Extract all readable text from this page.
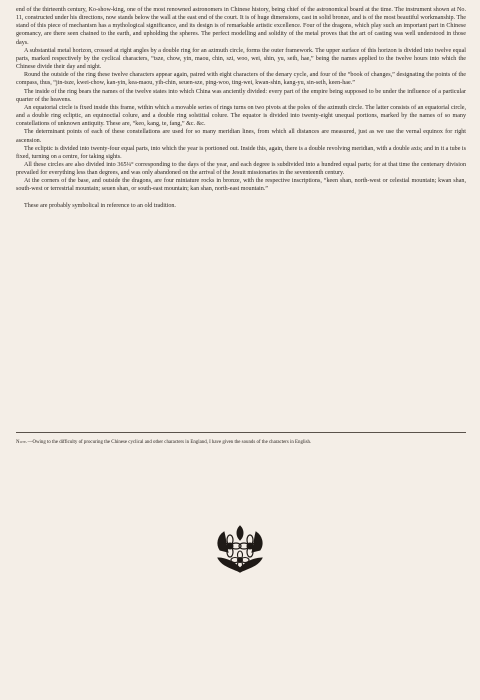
end of the thirteenth century, Ko-show-king, one of the most renowned astronomers in Chinese history, being chief of the astronomical board at the time. The instrument shown at No. 11, constructed under his directions, now stands below the wall at the east end of the court. It is of huge dimensions, cast in solid bronze, and is of the most beautiful workmanship. The stand of this piece of mechanism has a mythological significance, and its design is of remarkable artistic excellence. Four of the dragons, which play such an important part in Chinese geomancy, are there seen chained to the earth, and upholding the spheres. The perfect modelling and solidity of the metal proves that the art of casting was well understood in those days.

A substantial metal horizon, crossed at right angles by a double ring for an azimuth circle, forms the outer framework. The upper surface of this horizon is divided into twelve equal parts, marked respectively by the cyclical characters, “tsze, chow, yin, maou, chin, szi, woo, wei, shin, yu, seih, hae,” being the names applied to the twelve hours into which the Chinese divide their day and night.

Round the outside of the ring these twelve characters appear again, paired with eight characters of the denary cycle, and four of the “book of changes,” designating the points of the compass, thus, “jin-tsze, kwei-chow, kan-yin, kea-maou, yih-chin, seuen-sze, ping-woo, ting-wei, kwan-shin, kang-yu, sin-seih, keen-hae.”

The inside of the ring bears the names of the twelve states into which China was anciently divided: every part of the empire being supposed to be under the influence of a particular quarter of the heavens.

An equatorial circle is fixed inside this frame, within which a movable series of rings turns on two pivots at the poles of the azimuth circle. The latter consists of an equatorial circle, and a double ring ecliptic, an equinoctial colure, and a double ring solstitial colure. The equator is divided into twenty-eight unequal portions, marked by the names of so many constellations of unknown antiquity. These are, “keo, kang, te, fang,” &c. &c.

The determinant points of each of these constellations are used for so many meridian lines, from which all distances are measured, just as we use the vernal equinox for right ascension.

The ecliptic is divided into twenty-four equal parts, into which the year is portioned out. Inside this, again, there is a double revolving meridian, with a double axis; and in it a tube is fixed, turning on a centre, for taking sights.

All these circles are also divided into 365¼° corresponding to the days of the year, and each degree is subdivided into a hundred equal parts; for at that time the centenary division prevailed for everything less than degrees, and was only abandoned on the arrival of the Jesuit missionaries in the seventeenth century.

At the corners of the base, and outside the dragons, are four miniature rocks in bronze, with the respective inscriptions, “keen shan, north-west or celestial mountain; kwan shan, south-west or terrestrial mountain; seuen shan, or south-east mountain; kan shan, north-east mountain.”

These are probably symbolical in reference to an old tradition.

Note.—Owing to the difficulty of procuring the Chinese cyclical and other characters in England, I have given the sounds of the characters in English.
